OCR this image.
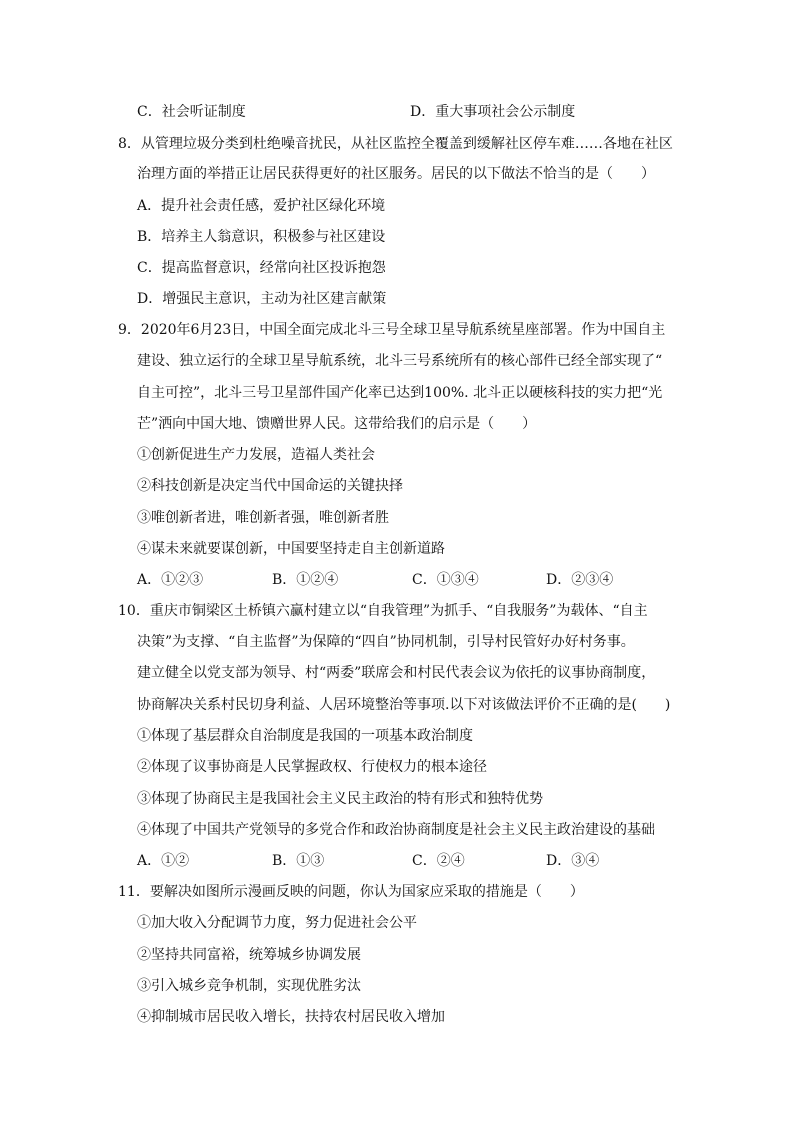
C．社会听证制度	D．重大事项社会公示制度
8．从管理垃圾分类到杜绝噪音扰民，从社区监控全覆盖到缓解社区停车难……各地在社区
治理方面的举措正让居民获得更好的社区服务。居民的以下做法不恰当的是（　　）
A．提升社会责任感，爱护社区绿化环境
B．培养主人翁意识，积极参与社区建设
C．提高监督意识，经常向社区投诉抱怨
D．增强民主意识，主动为社区建言献策
9．2020年6月23日，中国全面完成北斗三号全球卫星导航系统星座部署。作为中国自主
建设、独立运行的全球卫星导航系统，北斗三号系统所有的核心部件已经全部实现了“
自主可控”，北斗三号卫星部件国产化率已达到100%. 北斗正以硬核科技的实力把“光
芒”洒向中国大地、馈赠世界人民。这带给我们的启示是（　　）
①创新促进生产力发展，造福人类社会
②科技创新是决定当代中国命运的关键抉择
③唯创新者进，唯创新者强，唯创新者胜
④谋未来就要谋创新，中国要坚持走自主创新道路
A．①②③	B．①②④	C．①③④	D．②③④
10．重庆市铜梁区土桥镇六赢村建立以“自我管理”为抓手、“自我服务”为载体、“自主
决策”为支撑、“自主监督”为保障的“四自”协同机制，引导村民管好办好村务事。
建立健全以党支部为领导、村“两委”联席会和村民代表会议为依托的议事协商制度，
协商解决关系村民切身利益、人居环境整治等事项.以下对该做法评价不正确的是(　　)
①体现了基层群众自治制度是我国的一项基本政治制度
②体现了议事协商是人民掌握政权、行使权力的根本途径
③体现了协商民主是我国社会主义民主政治的特有形式和独特优势
④体现了中国共产党领导的多党合作和政治协商制度是社会主义民主政治建设的基础
A．①②	B．①③	C．②④	D．③④
11．要解决如图所示漫画反映的问题，你认为国家应采取的措施是（　　）
①加大收入分配调节力度，努力促进社会公平
②坚持共同富裕，统筹城乡协调发展
③引入城乡竞争机制，实现优胜劣汰
④抑制城市居民收入增长，扶持农村居民收入增加
